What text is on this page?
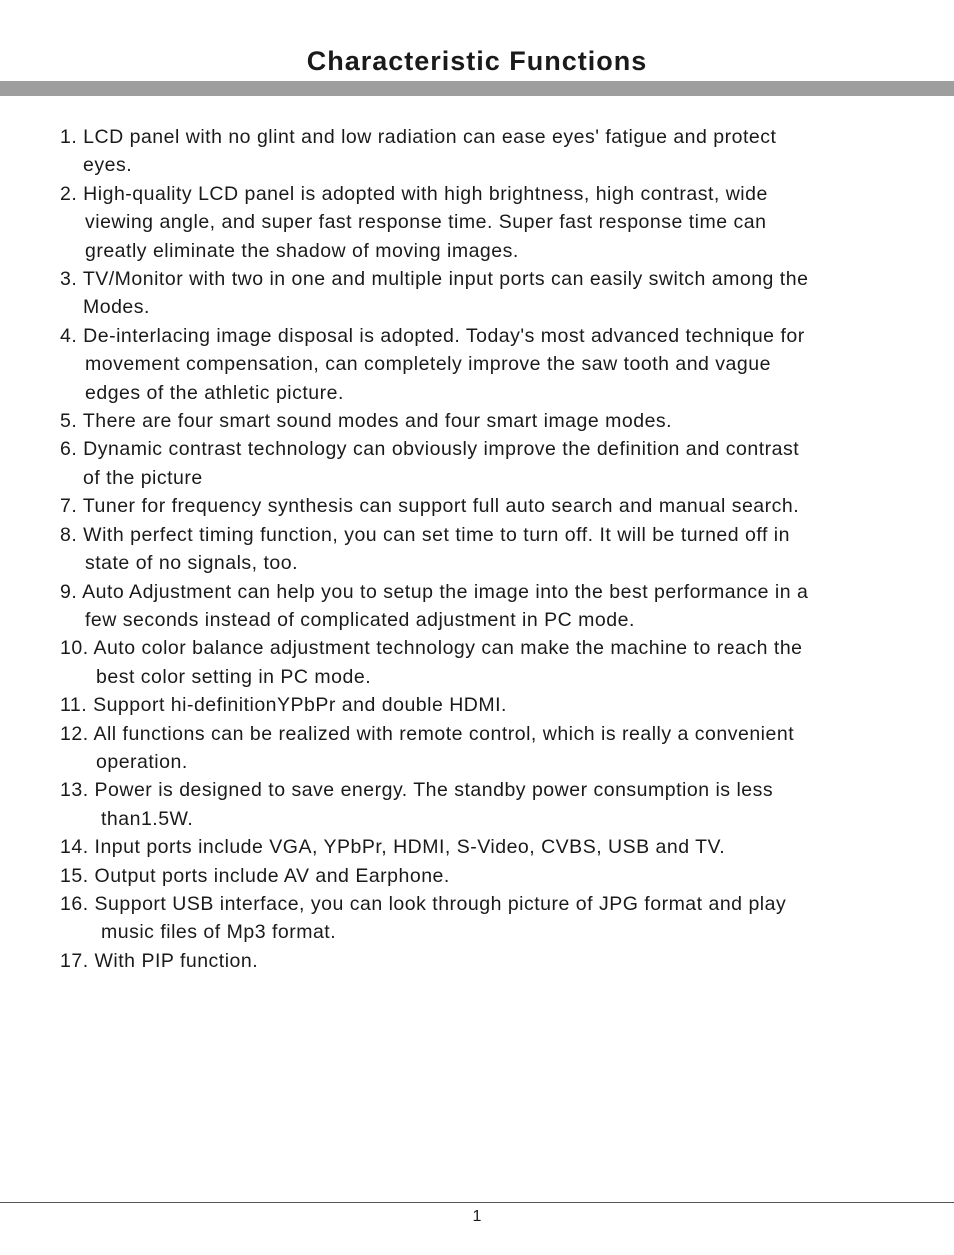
Characteristic Functions
1. LCD panel with no glint and low radiation can ease eyes' fatigue and protect
eyes.
2. High-quality LCD panel is adopted with high brightness, high contrast, wide
viewing angle, and super fast response time. Super fast response time can
greatly eliminate the shadow of moving images.
3. TV/Monitor with two in one and multiple input ports can easily switch among the
Modes.
4. De-interlacing image disposal is adopted. Today's most advanced technique for
movement compensation, can completely improve the saw tooth and vague
edges of the athletic picture.
5. There are four smart sound modes and four smart image modes.
6. Dynamic contrast technology can obviously improve the definition and contrast
of the picture
7. Tuner for frequency synthesis can support full auto search and manual search.
8. With perfect timing function, you can set time to turn off. It will be turned off in
state of no signals, too.
9. Auto Adjustment can help you to setup the image into the best performance in a
few seconds instead of complicated adjustment in PC mode.
10. Auto color balance adjustment technology can make the machine to reach the
best color setting in PC mode.
11. Support hi-definitionYPbPr and double HDMI.
12. All functions can be realized with remote control, which is really a convenient
operation.
13. Power is designed to save energy. The standby power consumption is less
than1.5W.
14. Input ports include VGA, YPbPr, HDMI, S-Video, CVBS, USB and TV.
15. Output ports include AV and Earphone.
16. Support USB interface, you can look through picture of JPG format and play
music files of Mp3 format.
17. With PIP function.
1
